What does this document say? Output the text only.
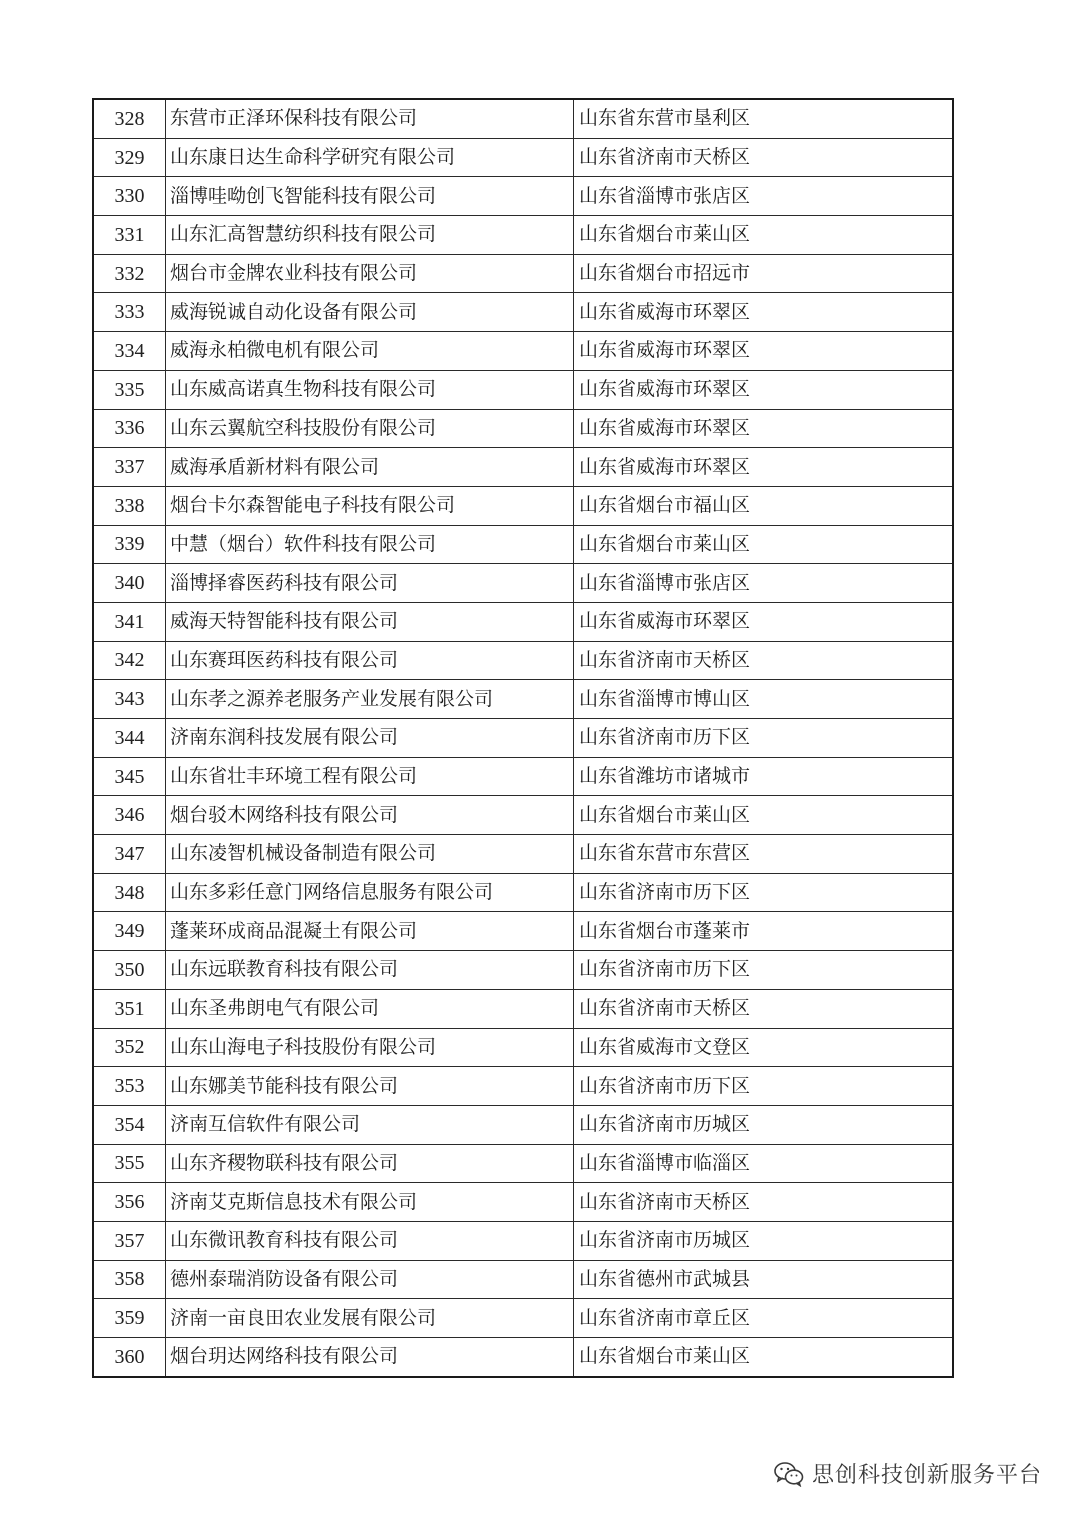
328	东营市正泽环保科技有限公司	山东省东营市垦利区
329	山东康日达生命科学研究有限公司	山东省济南市天桥区
330	淄博哇呦创飞智能科技有限公司	山东省淄博市张店区
331	山东汇高智慧纺织科技有限公司	山东省烟台市莱山区
332	烟台市金牌农业科技有限公司	山东省烟台市招远市
333	威海锐诚自动化设备有限公司	山东省威海市环翠区
334	威海永柏微电机有限公司	山东省威海市环翠区
335	山东威高诺真生物科技有限公司	山东省威海市环翠区
336	山东云翼航空科技股份有限公司	山东省威海市环翠区
337	威海承盾新材料有限公司	山东省威海市环翠区
338	烟台卡尔森智能电子科技有限公司	山东省烟台市福山区
339	中慧（烟台）软件科技有限公司	山东省烟台市莱山区
340	淄博择睿医药科技有限公司	山东省淄博市张店区
341	威海天特智能科技有限公司	山东省威海市环翠区
342	山东赛珥医药科技有限公司	山东省济南市天桥区
343	山东孝之源养老服务产业发展有限公司	山东省淄博市博山区
344	济南东润科技发展有限公司	山东省济南市历下区
345	山东省壮丰环境工程有限公司	山东省潍坊市诸城市
346	烟台驳木网络科技有限公司	山东省烟台市莱山区
347	山东凌智机械设备制造有限公司	山东省东营市东营区
348	山东多彩任意门网络信息服务有限公司	山东省济南市历下区
349	蓬莱环成商品混凝土有限公司	山东省烟台市蓬莱市
350	山东远联教育科技有限公司	山东省济南市历下区
351	山东圣弗朗电气有限公司	山东省济南市天桥区
352	山东山海电子科技股份有限公司	山东省威海市文登区
353	山东娜美节能科技有限公司	山东省济南市历下区
354	济南互信软件有限公司	山东省济南市历城区
355	山东齐稷物联科技有限公司	山东省淄博市临淄区
356	济南艾克斯信息技术有限公司	山东省济南市天桥区
357	山东微讯教育科技有限公司	山东省济南市历城区
358	德州泰瑞消防设备有限公司	山东省德州市武城县
359	济南一亩良田农业发展有限公司	山东省济南市章丘区
360	烟台玥达网络科技有限公司	山东省烟台市莱山区
思创科技创新服务平台
